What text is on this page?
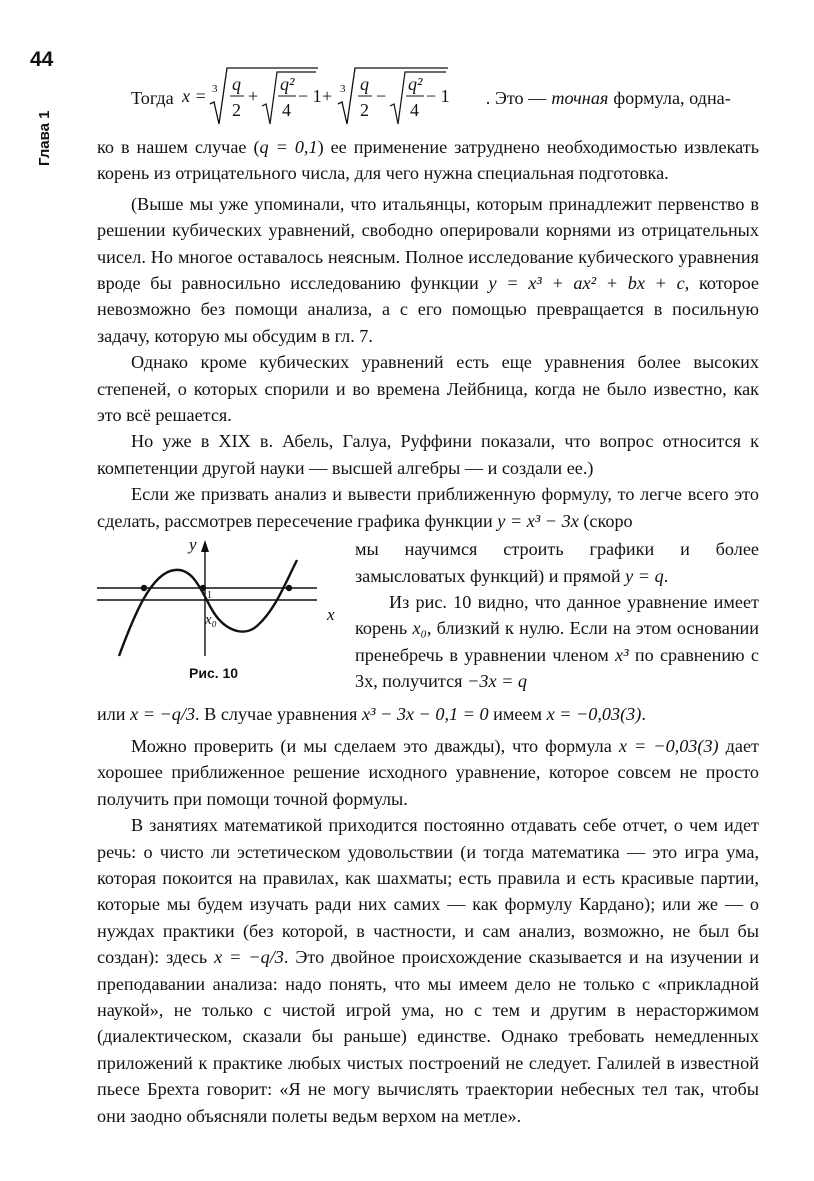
44
Глава 1
Тогда x = 3 q
2
+
q²
4
− 1 + 3 q
2
−
q²
4
− 1 . Это — точная формула, одна-

ко в нашем случае (q = 0,1) ее применение затруднено необходимостью извлекать корень из отрицательного числа, для чего нужна специальная подготовка.

(Выше мы уже упоминали, что итальянцы, которым принадлежит первенство в решении кубических уравнений, свободно оперировали корнями из отрицательных чисел. Но многое оставалось неясным. Полное исследование кубического уравнения вроде бы равносильно исследованию функции y = x³ + ax² + bx + c, которое невозможно без помощи анализа, а с его помощью превращается в посильную задачу, которую мы обсудим в гл. 7.

Однако кроме кубических уравнений есть еще уравнения более высоких степеней, о которых спорили и во времена Лейбница, когда не было известно, как это всё решается.

Но уже в XIX в. Абель, Галуа, Руффини показали, что вопрос относится к компетенции другой науки — высшей алгебры — и создали ее.)

Если же призвать анализ и вывести приближенную формулу, то легче всего это сделать, рассмотрев пересечение графика функции y = x³ − 3x (скоро

y
x
1
x₀
Рис. 10

мы научимся строить графики и более замысловатых функций) и прямой y = q.

Из рис. 10 видно, что данное уравнение имеет корень x₀, близкий к нулю. Если на этом основании пренебречь в уравнении членом x³ по сравнению с 3x, получится −3x = q

или x = −q/3. В случае уравнения x³ − 3x − 0,1 = 0 имеем x = −0,03(3).

Можно проверить (и мы сделаем это дважды), что формула x = −0,03(3) дает хорошее приближенное решение исходного уравнение, которое совсем не просто получить при помощи точной формулы.

В занятиях математикой приходится постоянно отдавать себе отчет, о чем идет речь: о чисто ли эстетическом удовольствии (и тогда математика — это игра ума, которая покоится на правилах, как шахматы; есть правила и есть красивые партии, которые мы будем изучать ради них самих — как формулу Кардано); или же — о нуждах практики (без которой, в частности, и сам анализ, возможно, не был бы создан): здесь x = −q/3. Это двойное происхождение сказывается и на изучении и преподавании анализа: надо понять, что мы имеем дело не только с «прикладной наукой», не только с чистой игрой ума, но с тем и другим в нерасторжимом (диалектическом, сказали бы раньше) единстве. Однако требовать немедленных приложений к практике любых чистых построений не следует. Галилей в известной пьесе Брехта говорит: «Я не могу вычислять траектории небесных тел так, чтобы они заодно объясняли полеты ведьм верхом на метле».
